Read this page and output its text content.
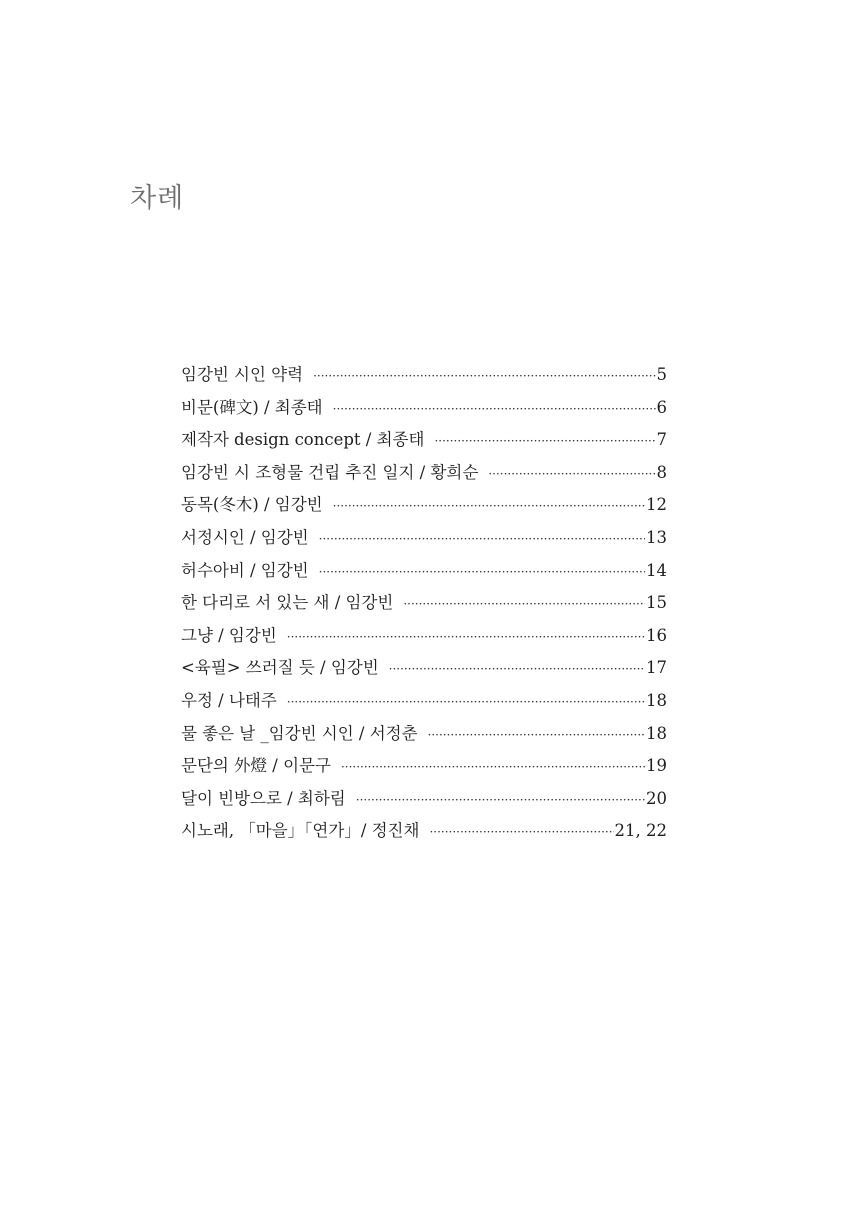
차례
임강빈 시인 약력 ·····	5
비문(碑文) / 최종태 ·····	6
제작자 design concept / 최종태 ·····	7
임강빈 시 조형물 건립 추진 일지 / 황희순 ·····	8
동목(冬木) / 임강빈 ·····	12
서정시인 / 임강빈 ·····	13
허수아비 / 임강빈 ·····	14
한 다리로 서 있는 새 / 임강빈 ·····	15
그냥 / 임강빈 ·····	16
<육필> 쓰러질 듯 / 임강빈 ·····	17
우정 / 나태주 ·····	18
물 좋은 날 _임강빈 시인 / 서정춘 ·····	18
문단의 外燈 / 이문구 ·····	19
달이 빈방으로 / 최하림 ·····	20
시노래, 「마을」「연가」/ 정진채 ·····	21, 22
